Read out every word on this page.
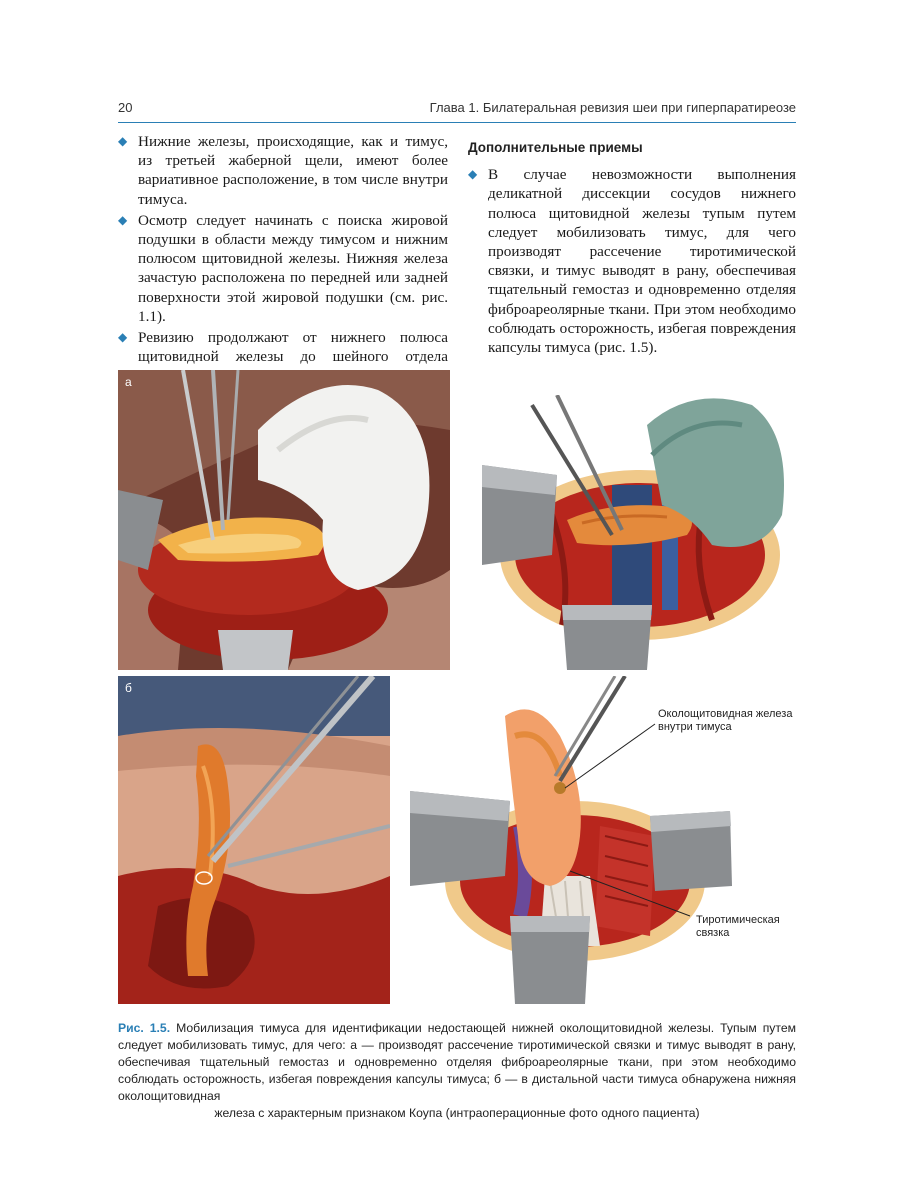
20	Глава 1. Билатеральная ревизия шеи при гиперпаратиреозе
◆ Нижние железы, происходящие, как и тимус, из третьей жаберной щели, имеют более вариативное расположение, в том числе внутри тимуса.
◆ Осмотр следует начинать с поиска жировой подушки в области между тимусом и нижним полюсом щитовидной железы. Нижняя железа зачастую расположена по передней или задней поверхности этой жировой подушки (см. рис. 1.1).
◆ Ревизию продолжают от нижнего полюса щитовидной железы до шейного отдела
Дополнительные приемы
◆ В случае невозможности выполнения деликатной диссекции сосудов нижнего полюса щитовидной железы тупым путем следует мобилизовать тимус, для чего производят рассечение тиротимической связки, и тимус выводят в рану, обеспечивая тщательный гемостаз и одновременно отделяя фиброареолярные ткани. При этом необходимо соблюдать осторожность, избегая повреждения капсулы тимуса (рис. 1.5).
а
б
Околощитовидная железа внутри тимуса
Тиротимическая связка
Рис. 1.5. Мобилизация тимуса для идентификации недостающей нижней околощитовидной железы. Тупым путем следует мобилизовать тимус, для чего: а — производят рассечение тиротимической связки и тимус выводят в рану, обеспечивая тщательный гемостаз и одновременно отделяя фиброареолярные ткани, при этом необходимо соблюдать осторожность, избегая повреждения капсулы тимуса; б — в дистальной части тимуса обнаружена нижняя околощитовидная
железа с характерным признаком Коупа (интраоперационные фото одного пациента)
